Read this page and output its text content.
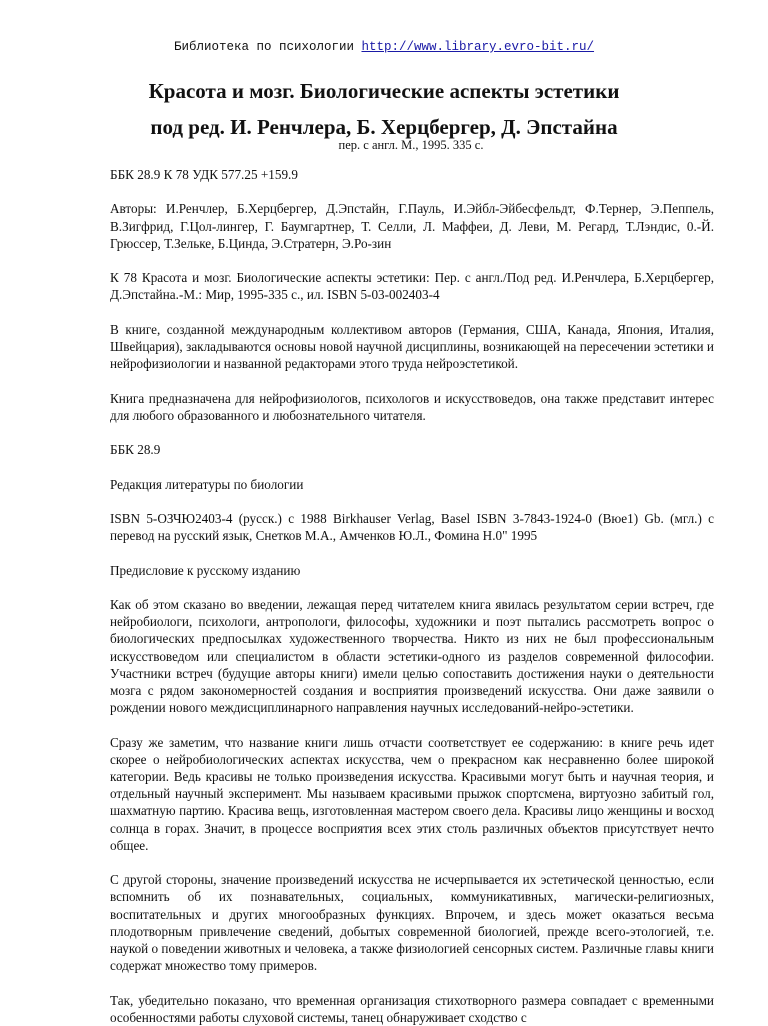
Библиотека по психологии http://www.library.evro-bit.ru/
Красота и мозг. Биологические аспекты эстетики
под ред. И. Ренчлера, Б. Херцбергер, Д. Эпстайна
пер. с англ. М., 1995. 335 с.

ББК 28.9 К 78 УДК 577.25 +159.9

Авторы: И.Ренчлер, Б.Херцбергер, Д.Эпстайн, Г.Пауль, И.Эйбл-Эйбесфельдт, Ф.Тернер, Э.Пеппель, В.Зигфрид, Г.Цол-лингер, Г. Баумгартнер, Т. Селли, Л. Маффеи, Д. Леви, М. Регард, Т.Лэндис, 0.-Й. Грюссер, Т.Зельке, Б.Цинда, Э.Стратерн, Э.Ро-зин

К 78 Красота и мозг. Биологические аспекты эстетики: Пер. с англ./Под ред. И.Ренчлера, Б.Херцбергер, Д.Эпстайна.-М.: Мир, 1995-335 с., ил. ISBN 5-03-002403-4

В книге, созданной международным коллективом авторов (Германия, США, Канада, Япония, Италия, Швейцария), закладываются основы новой научной дисциплины, возникающей на пересечении эстетики и нейрофизиологии и названной редакторами этого труда нейроэстетикой.

Книга предназначена для нейрофизиологов, психологов и искусствоведов, она также представит интерес для любого образованного и любознательного читателя.

ББК 28.9

Редакция литературы по биологии

ISBN 5-ОЗЧЮ2403-4 (русск.) с 1988 Birkhauser Verlag, Basel ISBN 3-7843-1924-0 (Вюе1) Gb. (мгл.) с перевод на русский язык, Снетков М.А., Амченков Ю.Л., Фомина Н.0" 1995

Предисловие к русскому изданию

Как об этом сказано во введении, лежащая перед читателем книга явилась результатом серии встреч, где нейробиологи, психологи, антропологи, философы, художники и поэт пытались рассмотреть вопрос о биологических предпосылках художественного творчества. Никто из них не был профессиональным искусствоведом или специалистом в области эстетики-одного из разделов современной философии. Участники встреч (будущие авторы книги) имели целью сопоставить достижения науки о деятельности мозга с рядом закономерностей создания и восприятия произведений искусства. Они даже заявили о рождении нового междисциплинарного направления научных исследований-нейро-эстетики.

Сразу же заметим, что название книги лишь отчасти соответствует ее содержанию: в книге речь идет скорее о нейробиологических аспектах искусства, чем о прекрасном как несравненно более широкой категории. Ведь красивы не только произведения искусства. Красивыми могут быть и научная теория, и отдельный научный эксперимент. Мы называем красивыми прыжок спортсмена, виртуозно забитый гол, шахматную партию. Красива вещь, изготовленная мастером своего дела. Красивы лицо женщины и восход солнца в горах. Значит, в процессе восприятия всех этих столь различных объектов присутствует нечто общее.

С другой стороны, значение произведений искусства не исчерпывается их эстетической ценностью, если вспомнить об их познавательных, социальных, коммуникативных, магически-религиозных, воспитательных и других многообразных функциях. Впрочем, и здесь может оказаться весьма плодотворным привлечение сведений, добытых современной биологией, прежде всего-этологией, т.е. наукой о поведении животных и человека, а также физиологией сенсорных систем. Различные главы книги содержат множество тому примеров.

Так, убедительно показано, что временная организация стихотворного размера совпадает с временными особенностями работы слуховой системы, танец обнаруживает сходство с
